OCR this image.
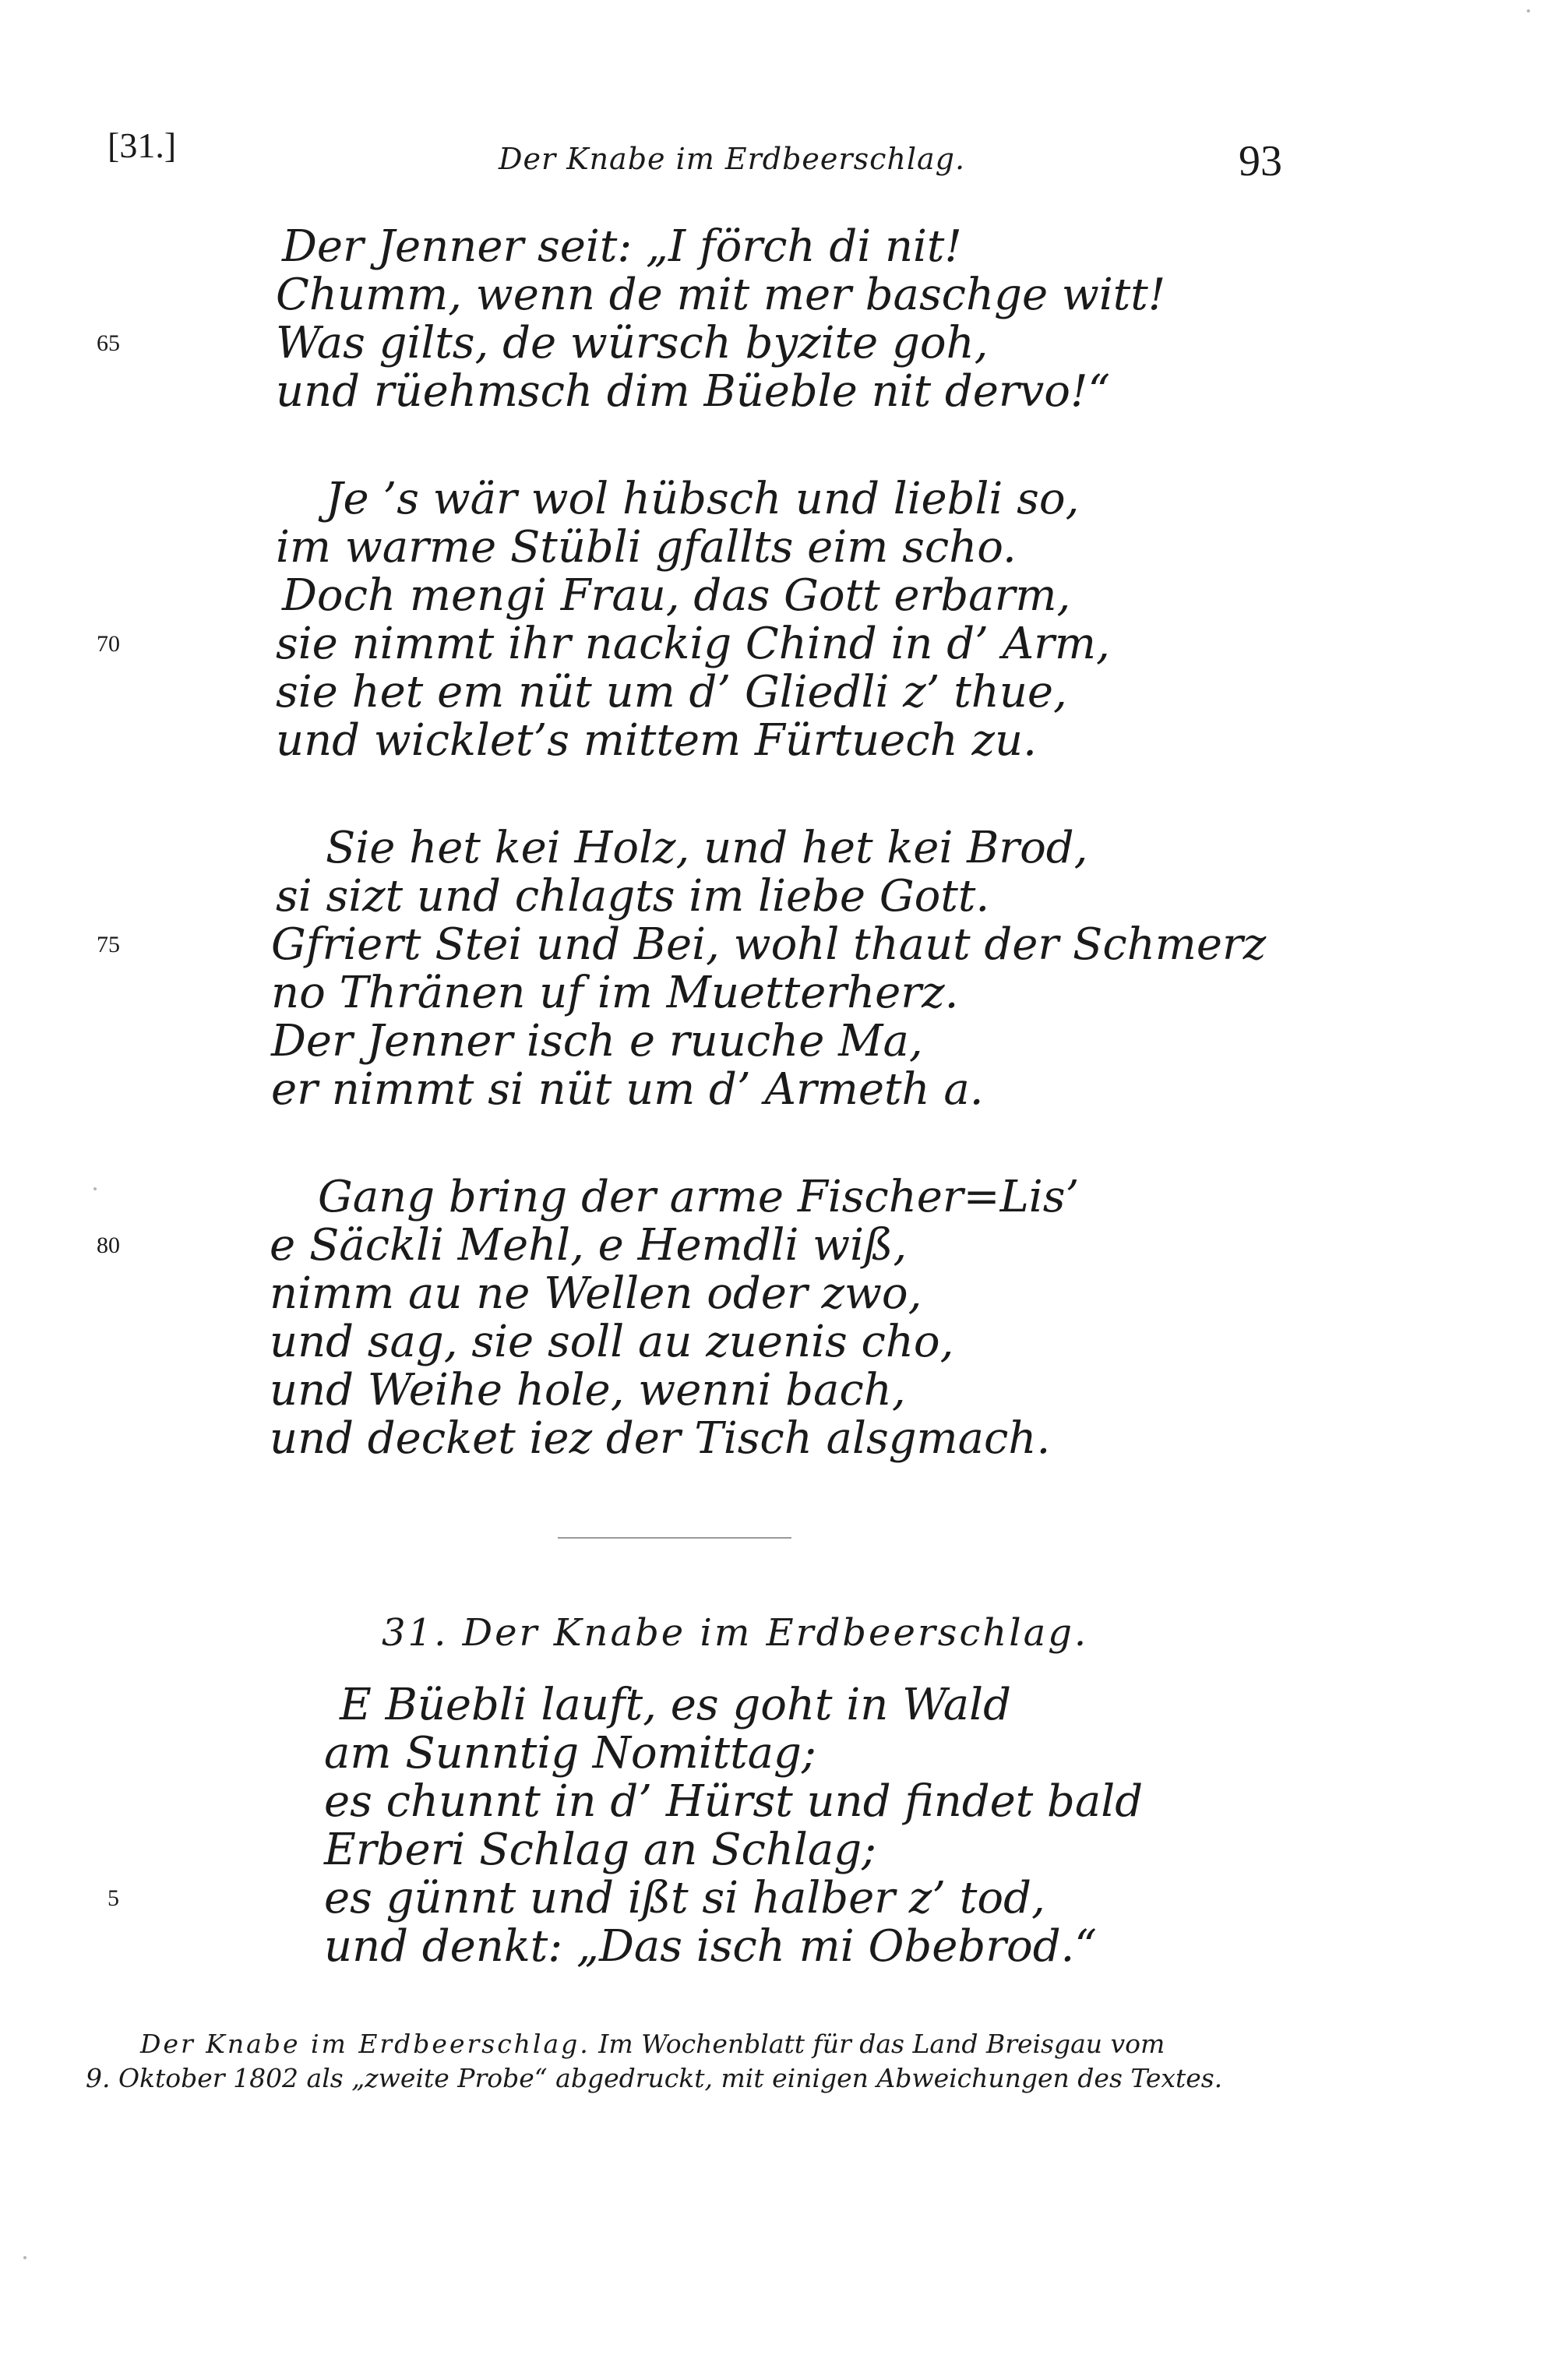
[31.]	Der Knabe im Erdbeerschlag.	93
Der Jenner seit: „I förch di nit!
Chumm, wenn de mit mer baschge witt!
Was gilts, de würsch byzite goh,
und rüehmsch dim Büeble nit dervo!“
Je ’s wär wol hübsch und liebli so,
im warme Stübli gfallts eim scho.
Doch mengi Frau, das Gott erbarm,
sie nimmt ihr nackig Chind in d’ Arm,
sie het em nüt um d’ Gliedli z’ thue,
und wicklet’s mittem Fürtuech zu.
Sie het kei Holz, und het kei Brod,
si sizt und chlagts im liebe Gott.
Gfriert Stei und Bei, wohl thaut der Schmerz
no Thränen uf im Muetterherz.
Der Jenner isch e ruuche Ma,
er nimmt si nüt um d’ Armeth a.
Gang bring der arme Fischer=Lis’
e Säckli Mehl, e Hemdli wiß,
nimm au ne Wellen oder zwo,
und sag, sie soll au zuenis cho,
und Weihe hole, wenni bach,
und decket iez der Tisch alsgmach.
65
70
75
80
5
31. Der Knabe im Erdbeerschlag.
E Büebli lauft, es goht in Wald
am Sunntig Nomittag;
es chunnt in d’ Hürst und findet bald
Erberi Schlag an Schlag;
es günnt und ißt si halber z’ tod,
und denkt: „Das isch mi Obebrod.“
Der Knabe im Erdbeerschlag. Im Wochenblatt für das Land Breisgau vom
9. Oktober 1802 als „zweite Probe“ abgedruckt, mit einigen Abweichungen des Textes.
